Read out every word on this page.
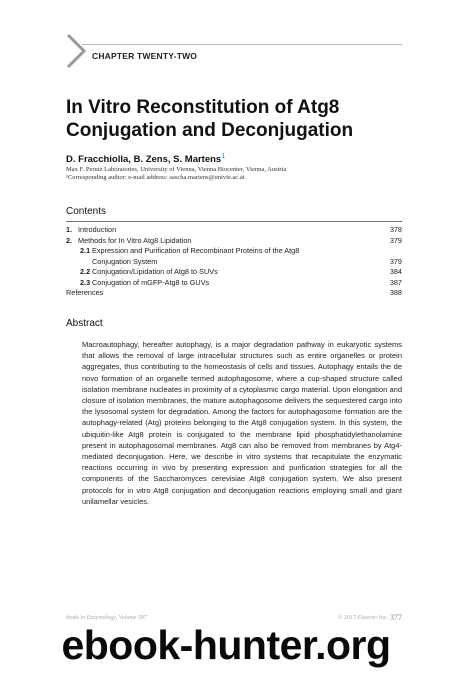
CHAPTER TWENTY-TWO
In Vitro Reconstitution of Atg8
Conjugation and Deconjugation
D. Fracchiolla, B. Zens, S. Martens$^1$
Max F. Perutz Laboratories, University of Vienna, Vienna Biocenter, Vienna, Austria
¹Corresponding author: e-mail address: sascha.martens@univie.ac.at
Contents
1. Introduction	378
2. Methods for In Vitro Atg8 Lipidation	379
2.1 Expression and Purification of Recombinant Proteins of the Atg8
Conjugation System	379
2.2 Conjugation/Lipidation of Atg8 to SUVs	384
2.3 Conjugation of mGFP-Atg8 to GUVs	387
References	388
Abstract

Macroautophagy, hereafter autophagy, is a major degradation pathway in eukaryotic systems that allows the removal of large intracellular structures such as entire organelles or protein aggregates, thus contributing to the homeostasis of cells and tissues. Autophagy entails the de novo formation of an organelle termed autophagosome, where a cup-shaped structure called isolation membrane nucleates in proximity of a cytoplasmic cargo material. Upon elongation and closure of isolation membranes, the mature autophagosome delivers the sequestered cargo into the lysosomal system for degradation. Among the factors for autophagosome formation are the autophagy-related (Atg) proteins belonging to the Atg8 conjugation system. In this system, the ubiquitin-like Atg8 protein is conjugated to the membrane lipid phosphatidylethanolamine present in autophagosomal membranes. Atg8 can also be removed from membranes by Atg4-mediated deconjugation. Here, we describe in vitro systems that recapitulate the enzymatic reactions occurring in vivo by presenting expression and purification strategies for all the components of the Saccharomyces cerevisiae Atg8 conjugation system. We also present protocols for in vitro Atg8 conjugation and deconjugation reactions employing small and giant unilamellar vesicles.

thods in Enzymology, Volume 587	© 2017 Elsevier Inc. 377
ebook-hunter.org
